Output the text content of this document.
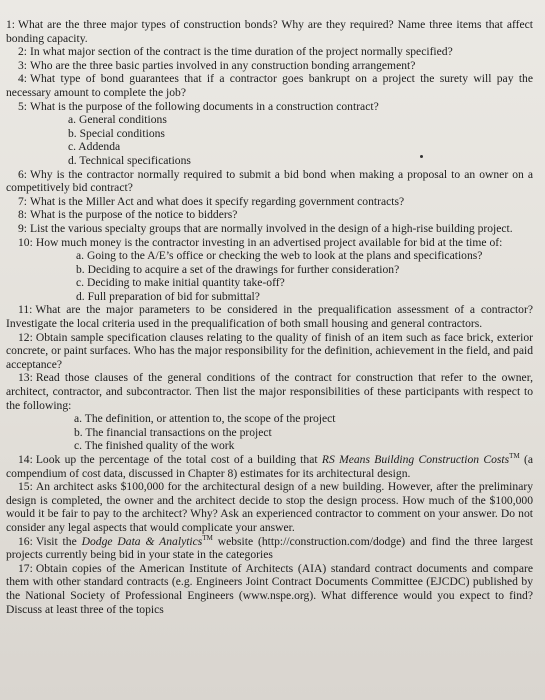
1: What are the three major types of construction bonds? Why are they required? Name three items that affect bonding capacity.

2: In what major section of the contract is the time duration of the project normally specified?

3: Who are the three basic parties involved in any construction bonding arrangement?

4: What type of bond guarantees that if a contractor goes bankrupt on a project the surety will pay the necessary amount to complete the job?

5: What is the purpose of the following documents in a construction contract?

a. General conditions

b. Special conditions

c. Addenda

d. Technical specifications

6: Why is the contractor normally required to submit a bid bond when making a proposal to an owner on a competitively bid contract?

7: What is the Miller Act and what does it specify regarding government contracts?

8: What is the purpose of the notice to bidders?

9: List the various specialty groups that are normally involved in the design of a high-rise building project.

10: How much money is the contractor investing in an advertised project available for bid at the time of:

a. Going to the A/E’s office or checking the web to look at the plans and specifications?

b. Deciding to acquire a set of the drawings for further consideration?

c. Deciding to make initial quantity take-off?

d. Full preparation of bid for submittal?

11: What are the major parameters to be considered in the prequalification assessment of a contractor? Investigate the local criteria used in the prequalification of both small housing and general contractors.

12: Obtain sample specification clauses relating to the quality of finish of an item such as face brick, exterior concrete, or paint surfaces. Who has the major responsibility for the definition, achievement in the field, and paid acceptance?

13: Read those clauses of the general conditions of the contract for construction that refer to the owner, architect, contractor, and subcontractor. Then list the major responsibilities of these participants with respect to the following:

a. The definition, or attention to, the scope of the project

b. The financial transactions on the project

c. The finished quality of the work

14: Look up the percentage of the total cost of a building that RS Means Building Construction Costs™ (a compendium of cost data, discussed in Chapter 8) estimates for its architectural design.

15: An architect asks $100,000 for the architectural design of a new building. However, after the preliminary design is completed, the owner and the architect decide to stop the design process. How much of the $100,000 would it be fair to pay to the architect? Why? Ask an experienced contractor to comment on your answer. Do not consider any legal aspects that would complicate your answer.

16: Visit the Dodge Data & Analytics™ website (http://construction.com/dodge) and find the three largest projects currently being bid in your state in the categories

17: Obtain copies of the American Institute of Architects (AIA) standard contract documents and compare them with other standard contracts (e.g. Engineers Joint Contract Documents Committee (EJCDC) published by the National Society of Professional Engineers (www.nspe.org). What difference would you expect to find? Discuss at least three of the topics
